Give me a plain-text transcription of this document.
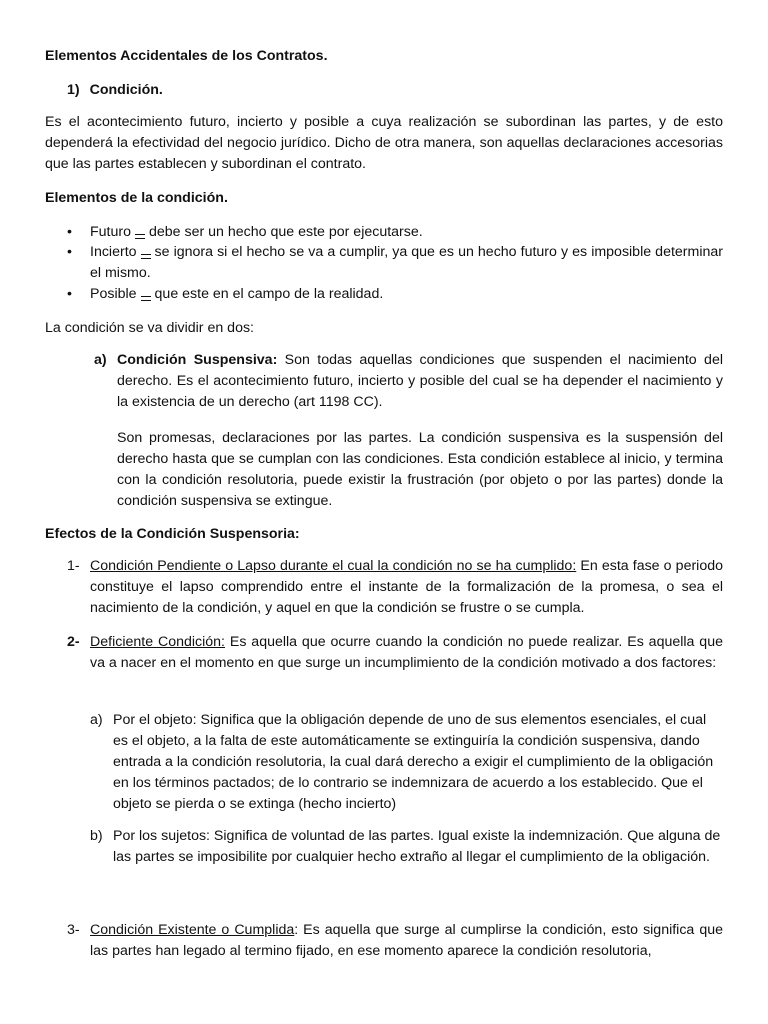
Elementos Accidentales de los Contratos.
1) Condición.

Es el acontecimiento futuro, incierto y posible a cuya realización se subordinan las partes, y de esto dependerá la efectividad del negocio jurídico. Dicho de otra manera, son aquellas declaraciones accesorias que las partes establecen y subordinan el contrato.

Elementos de la condición.
• Futuro debe ser un hecho que este por ejecutarse.
• Incierto se ignora si el hecho se va a cumplir, ya que es un hecho futuro y es imposible determinar el mismo.
• Posible que este en el campo de la realidad.
La condición se va dividir en dos:
a) Condición Suspensiva: Son todas aquellas condiciones que suspenden el nacimiento del derecho. Es el acontecimiento futuro, incierto y posible del cual se ha depender el nacimiento y la existencia de un derecho (art 1198 CC).

Son promesas, declaraciones por las partes. La condición suspensiva es la suspensión del derecho hasta que se cumplan con las condiciones. Esta condición establece al inicio, y termina con la condición resolutoria, puede existir la frustración (por objeto o por las partes) donde la condición suspensiva se extingue.

Efectos de la Condición Suspensoria:
1- Condición Pendiente o Lapso durante el cual la condición no se ha cumplido: En esta fase o periodo constituye el lapso comprendido entre el instante de la formalización de la promesa, o sea el nacimiento de la condición, y aquel en que la condición se frustre o se cumpla.

2- Deficiente Condición: Es aquella que ocurre cuando la condición no puede realizar. Es aquella que va a nacer en el momento en que surge un incumplimiento de la condición motivado a dos factores:

a) Por el objeto: Significa que la obligación depende de uno de sus elementos esenciales, el cual es el objeto, a la falta de este automáticamente se extinguiría la condición suspensiva, dando entrada a la condición resolutoria, la cual dará derecho a exigir el cumplimiento de la obligación en los términos pactados; de lo contrario se indemnizara de acuerdo a los establecido. Que el objeto se pierda o se extinga (hecho incierto)

b) Por los sujetos: Significa de voluntad de las partes. Igual existe la indemnización. Que alguna de las partes se imposibilite por cualquier hecho extraño al llegar el cumplimiento de la obligación.

3- Condición Existente o Cumplida: Es aquella que surge al cumplirse la condición, esto significa que las partes han legado al termino fijado, en ese momento aparece la condición resolutoria,
